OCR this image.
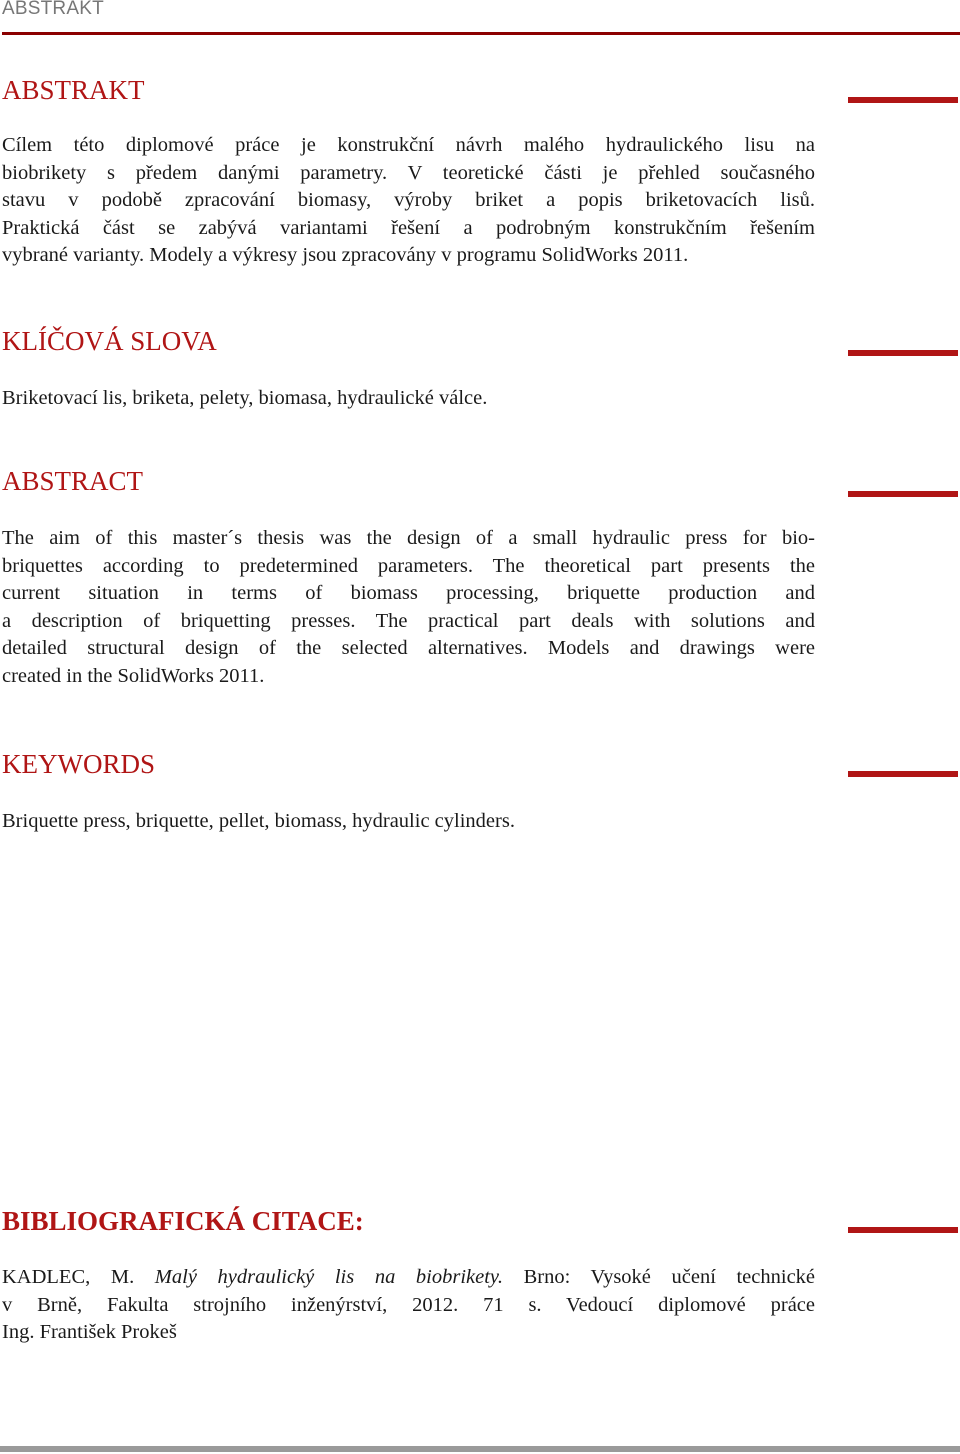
ABSTRAKT
ABSTRAKT
Cílem této diplomové práce je konstrukční návrh malého hydraulického lisu na
biobrikety s předem danými parametry. V teoretické části je přehled současného
stavu v podobě zpracování biomasy, výroby briket a popis briketovacích lisů.
Praktická část se zabývá variantami řešení a podrobným konstrukčním řešením
vybrané varianty. Modely a výkresy jsou zpracovány v programu SolidWorks 2011.
KLÍČOVÁ SLOVA
Briketovací lis, briketa, pelety, biomasa, hydraulické válce.
ABSTRACT
The aim of this master´s thesis was the design of a small hydraulic press for bio-
briquettes according to predetermined parameters. The theoretical part presents the
current situation in terms of biomass processing, briquette production and
a description of briquetting presses. The practical part deals with solutions and
detailed structural design of the selected alternatives. Models and drawings were
created in the SolidWorks 2011.
KEYWORDS
Briquette press, briquette, pellet, biomass, hydraulic cylinders.
BIBLIOGRAFICKÁ CITACE:
KADLEC, M. Malý hydraulický lis na biobrikety. Brno: Vysoké učení technické
v Brně, Fakulta strojního inženýrství, 2012. 71 s. Vedoucí diplomové práce
Ing. František Prokeš
